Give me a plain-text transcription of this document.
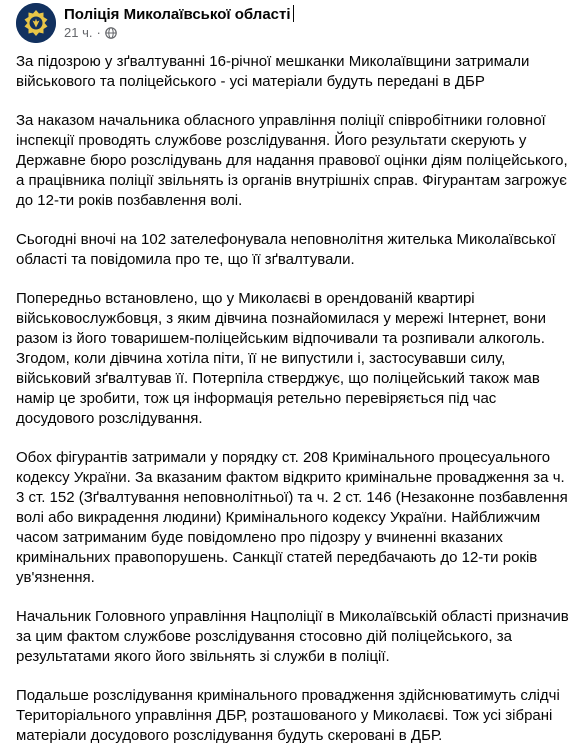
Поліція Миколаївської області
21 ч. ·

За підозрою у зґвалтуванні 16-річної мешканки Миколаївщини затримали військового та поліцейського - усі матеріали будуть передані в ДБР

За наказом начальника обласного управління поліції співробітники головної інспекції проводять службове розслідування. Його результати скерують у Державне бюро розслідувань для надання правової оцінки діям поліцейського, а працівника поліції звільнять із органів внутрішніх справ. Фігурантам загрожує до 12-ти років позбавлення волі.

Сьогодні вночі на 102 зателефонувала неповнолітня жителька Миколаївської області та повідомила про те, що її зґвалтували.

Попередньо встановлено, що у Миколаєві в орендованій квартирі військовослужбовця, з яким дівчина познайомилася у мережі Інтернет, вони разом із його товаришем-поліцейським відпочивали та розпивали алкоголь. Згодом, коли дівчина хотіла піти, її не випустили і, застосувавши силу, військовий зґвалтував її. Потерпіла стверджує, що поліцейський також мав намір це зробити, тож ця інформація ретельно перевіряється під час досудового розслідування.

Обох фігурантів затримали у порядку ст. 208 Кримінального процесуального кодексу України. За вказаним фактом відкрито кримінальне провадження за ч. 3 ст. 152 (Зґвалтування неповнолітньої) та ч. 2 ст. 146 (Незаконне позбавлення волі або викрадення людини) Кримінального кодексу України. Найближчим часом затриманим буде повідомлено про підозру у вчиненні вказаних кримінальних правопорушень. Санкції статей передбачають до 12-ти років ув'язнення.

Начальник Головного управління Нацполіції в Миколаївській області призначив за цим фактом службове розслідування стосовно дій поліцейського, за результатами якого його звільнять зі служби в поліції.

Подальше розслідування кримінального провадження здійснюватимуть слідчі Територіального управління ДБР, розташованого у Миколаєві. Тож усі зібрані матеріали досудового розслідування будуть скеровані в ДБР.
